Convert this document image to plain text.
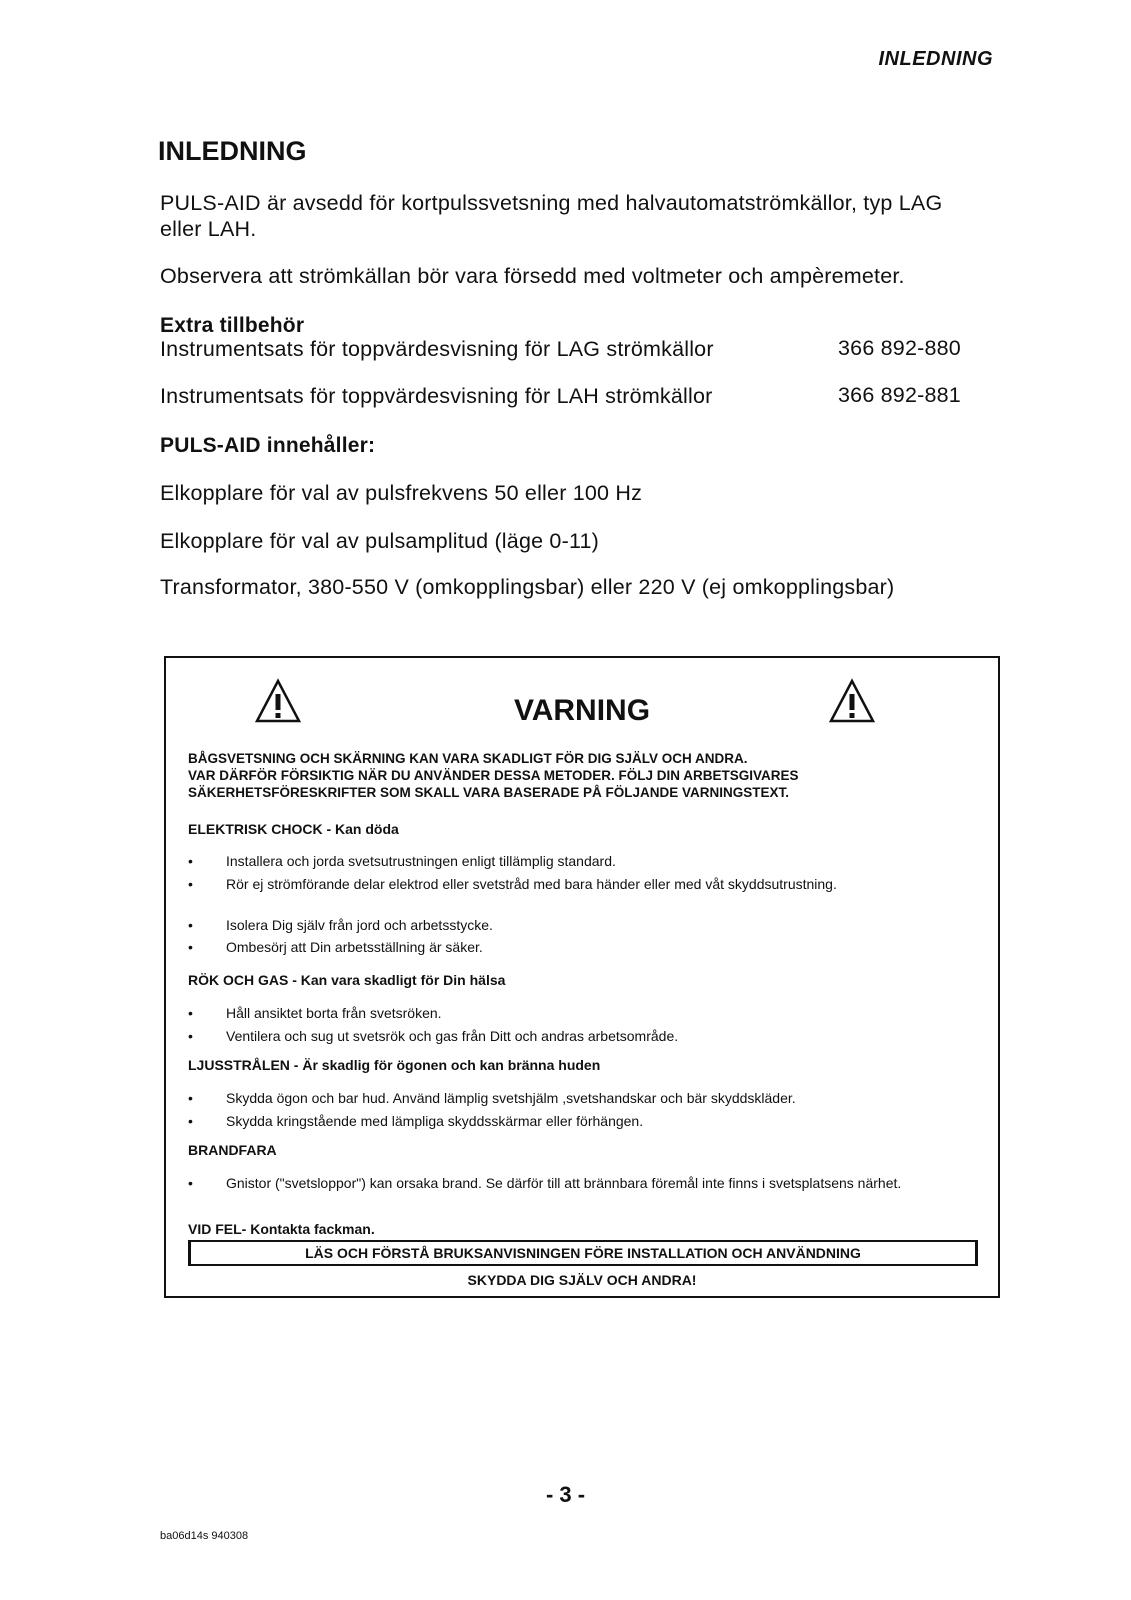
INLEDNING
INLEDNING
PULS-AID är avsedd för kortpulssvetsning med halvautomatströmkällor, typ LAG
eller LAH.
Observera att strömkällan bör vara försedd med voltmeter och ampèremeter.
Extra tillbehör
Instrumentsats för toppvärdesvisning för LAG strömkällor	366 892-880
Instrumentsats för toppvärdesvisning för LAH strömkällor	366 892-881
PULS-AID innehåller:
Elkopplare för val av pulsfrekvens 50 eller 100 Hz
Elkopplare för val av pulsamplitud (läge 0-11)
Transformator, 380-550 V (omkopplingsbar) eller 220 V (ej omkopplingsbar)
VARNING
BÅGSVETSNING OCH SKÄRNING KAN VARA SKADLIGT FÖR DIG SJÄLV OCH ANDRA.
VAR DÄRFÖR FÖRSIKTIG NÄR DU ANVÄNDER DESSA METODER. FÖLJ DIN ARBETSGIVARES
SÄKERHETSFÖRESKRIFTER SOM SKALL VARA BASERADE PÅ FÖLJANDE VARNINGSTEXT.
ELEKTRISK CHOCK - Kan döda
•	Installera och jorda svetsutrustningen enligt tillämplig standard.
•	Rör ej strömförande delar elektrod eller svetstråd med bara händer eller med våt skyddsutrustning.
•	Isolera Dig själv från jord och arbetsstycke.
•	Ombesörj att Din arbetsställning är säker.
RÖK OCH GAS - Kan vara skadligt för Din hälsa
•	Håll ansiktet borta från svetsröken.
•	Ventilera och sug ut svetsrök och gas från Ditt och andras arbetsområde.
LJUSSTRÅLEN - Är skadlig för ögonen och kan bränna huden
•	Skydda ögon och bar hud. Använd lämplig svetshjälm ,svetshandskar och bär skyddskläder.
•	Skydda kringstående med lämpliga skyddsskärmar eller förhängen.
BRANDFARA
•	Gnistor ("svetsloppor") kan orsaka brand. Se därför till att brännbara föremål inte finns i svetsplatsens närhet.
VID FEL- Kontakta fackman.
LÄS OCH FÖRSTÅ BRUKSANVISNINGEN FÖRE INSTALLATION OCH ANVÄNDNING
SKYDDA DIG SJÄLV OCH ANDRA!
- 3 -
ba06d14s 940308
